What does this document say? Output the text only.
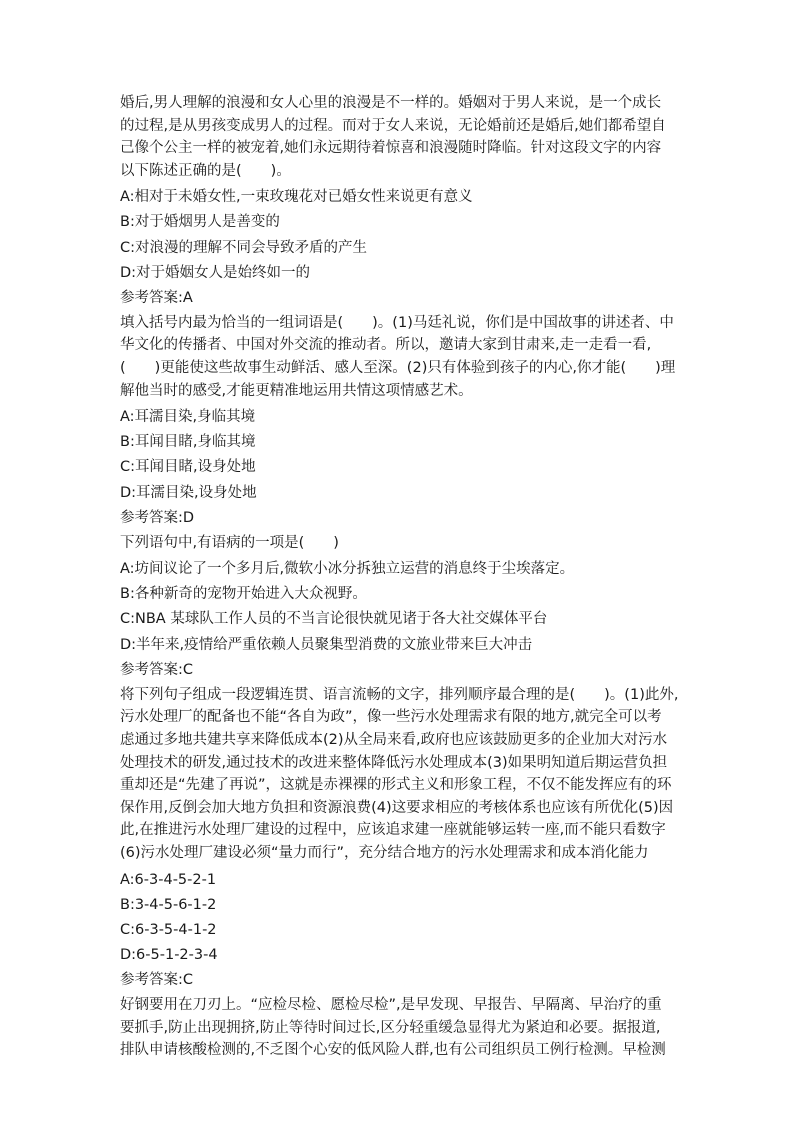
婚后,男人理解的浪漫和女人心里的浪漫是不一样的。婚姻对于男人来说，是一个成长
的过程,是从男孩变成男人的过程。而对于女人来说，无论婚前还是婚后,她们都希望自
己像个公主一样的被宠着,她们永远期待着惊喜和浪漫随时降临。针对这段文字的内容
以下陈述正确的是(　　)。
A:相对于未婚女性,一束玫瑰花对已婚女性来说更有意义
B:对于婚烟男人是善变的
C:对浪漫的理解不同会导致矛盾的产生
D:对于婚姻女人是始终如一的
参考答案:A
填入括号内最为恰当的一组词语是(　　)。(1)马廷礼说，你们是中国故事的讲述者、中
华文化的传播者、中国对外交流的推动者。所以，邀请大家到甘肃来,走一走看一看,
(　　)更能使这些故事生动鲜活、感人至深。(2)只有体验到孩子的内心,你才能(　　)理
解他当时的感受,才能更精准地运用共情这项情感艺术。
A:耳濡目染,身临其境
B:耳闻目睹,身临其境
C:耳闻目睹,设身处地
D:耳濡目染,设身处地
参考答案:D
下列语句中,有语病的一项是(　　)
A:坊间议论了一个多月后,微软小冰分拆独立运营的消息终于尘埃落定。
B:各种新奇的宠物开始进入大众视野。
C:NBA 某球队工作人员的不当言论很快就见诸于各大社交媒体平台
D:半年来,疫情给严重依赖人员聚集型消费的文旅业带来巨大冲击
参考答案:C
将下列句子组成一段逻辑连贯、语言流畅的文字，排列顺序最合理的是(　　)。(1)此外,
污水处理厂的配备也不能“各自为政”，像一些污水处理需求有限的地方,就完全可以考
虑通过多地共建共享来降低成本(2)从全局来看,政府也应该鼓励更多的企业加大对污水
处理技术的研发,通过技术的改进来整体降低污水处理成本(3)如果明知道后期运营负担
重却还是“先建了再说”，这就是赤裸裸的形式主义和形象工程，不仅不能发挥应有的环
保作用,反倒会加大地方负担和资源浪费(4)这要求相应的考核体系也应该有所优化(5)因
此,在推进污水处理厂建设的过程中，应该追求建一座就能够运转一座,而不能只看数字
(6)污水处理厂建设必须“量力而行”，充分结合地方的污水处理需求和成本消化能力
A:6-3-4-5-2-1
B:3-4-5-6-1-2
C:6-3-5-4-1-2
D:6-5-1-2-3-4
参考答案:C
好钢要用在刀刃上。“应检尽检、愿检尽检”,是早发现、早报告、早隔离、早治疗的重
要抓手,防止出现拥挤,防止等待时间过长,区分轻重缓急显得尤为紧迫和必要。据报道,
排队申请核酸检测的,不乏图个心安的低风险人群,也有公司组织员工例行检测。早检测
